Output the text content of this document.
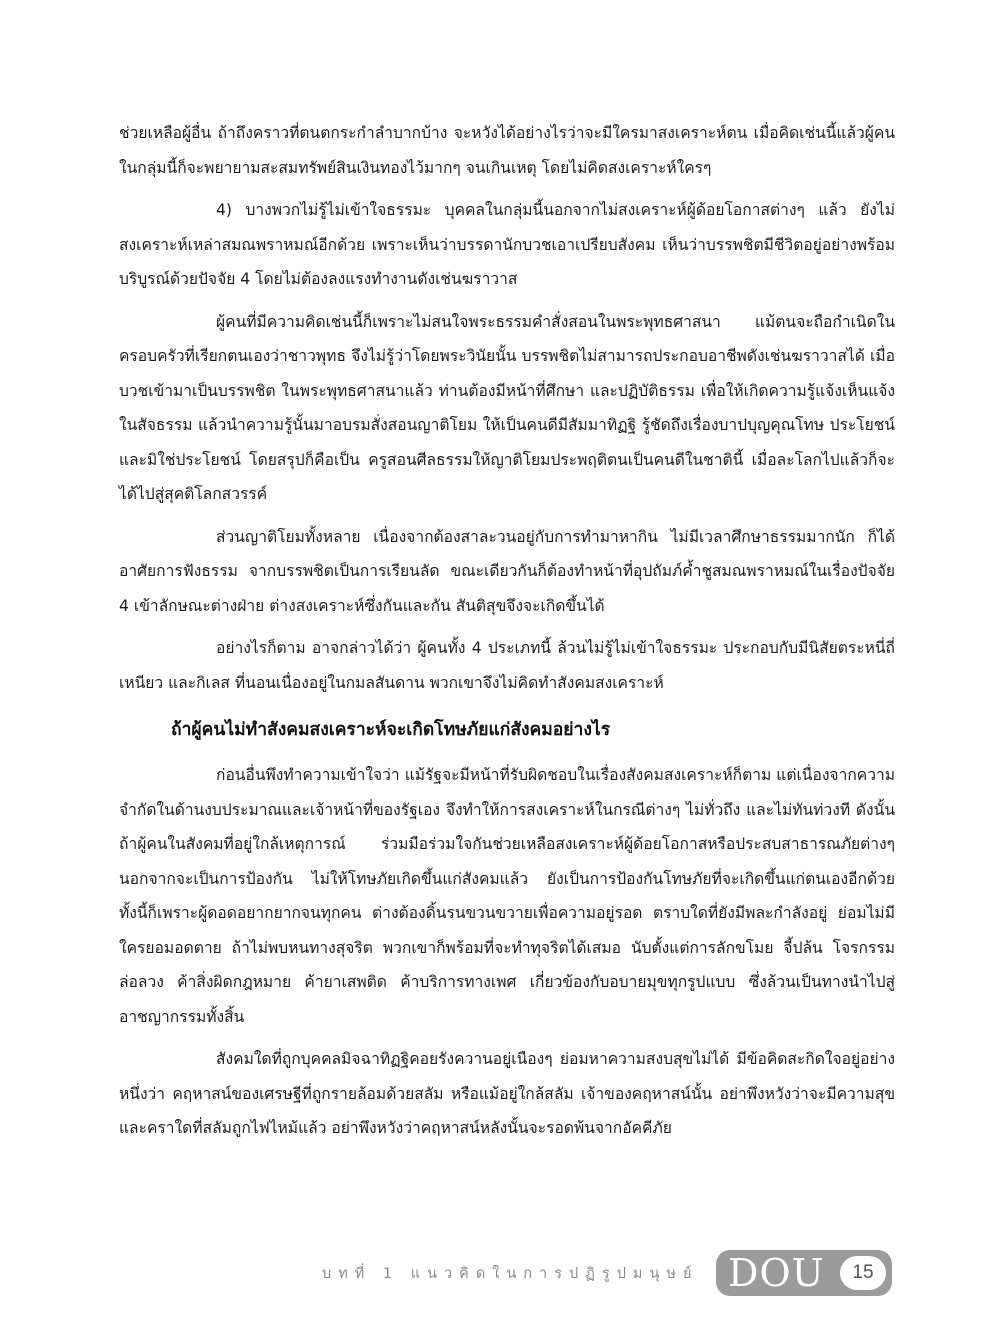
ช่วยเหลือผู้อื่น ถ้าถึงคราวที่ตนตกระกำลำบากบ้าง จะหวังได้อย่างไรว่าจะมีใครมาสงเคราะห์ตน เมื่อคิดเช่นนี้แล้วผู้คนในกลุ่มนี้ก็จะพยายามสะสมทรัพย์สินเงินทองไว้มากๆ จนเกินเหตุ โดยไม่คิดสงเคราะห์ใครๆ

4) บางพวกไม่รู้ไม่เข้าใจธรรมะ บุคคลในกลุ่มนี้นอกจากไม่สงเคราะห์ผู้ด้อยโอกาสต่างๆ แล้ว ยังไม่สงเคราะห์เหล่าสมณพราหมณ์อีกด้วย เพราะเห็นว่าบรรดานักบวชเอาเปรียบสังคม เห็นว่าบรรพชิตมีชีวิตอยู่อย่างพร้อมบริบูรณ์ด้วยปัจจัย 4 โดยไม่ต้องลงแรงทำงานดังเช่นฆราวาส

ผู้คนที่มีความคิดเช่นนี้ก็เพราะไม่สนใจพระธรรมคำสั่งสอนในพระพุทธศาสนา แม้ตนจะถือกำเนิดในครอบครัวที่เรียกตนเองว่าชาวพุทธ จึงไม่รู้ว่าโดยพระวินัยนั้น บรรพชิตไม่สามารถประกอบอาชีพดังเช่นฆราวาสได้ เมื่อบวชเข้ามาเป็นบรรพชิต ในพระพุทธศาสนาแล้ว ท่านต้องมีหน้าที่ศึกษา และปฏิบัติธรรม เพื่อให้เกิดความรู้แจ้งเห็นแจ้งในสัจธรรม แล้วนำความรู้นั้นมาอบรมสั่งสอนญาติโยม ให้เป็นคนดีมีสัมมาทิฏฐิ รู้ชัดถึงเรื่องบาปบุญคุณโทษ ประโยชน์และมิใช่ประโยชน์ โดยสรุปก็คือเป็น ครูสอนศีลธรรมให้ญาติโยมประพฤติตนเป็นคนดีในชาตินี้ เมื่อละโลกไปแล้วก็จะได้ไปสู่สุคติโลกสวรรค์

ส่วนญาติโยมทั้งหลาย เนื่องจากต้องสาละวนอยู่กับการทำมาหากิน ไม่มีเวลาศึกษาธรรมมากนัก ก็ได้อาศัยการฟังธรรม จากบรรพชิตเป็นการเรียนลัด ขณะเดียวกันก็ต้องทำหน้าที่อุปถัมภ์ค้ำชูสมณพราหมณ์ในเรื่องปัจจัย 4 เข้าลักษณะต่างฝ่าย ต่างสงเคราะห์ซึ่งกันและกัน สันติสุขจึงจะเกิดขึ้นได้

อย่างไรก็ตาม อาจกล่าวได้ว่า ผู้คนทั้ง 4 ประเภทนี้ ล้วนไม่รู้ไม่เข้าใจธรรมะ ประกอบกับมีนิสัยตระหนี่ถี่เหนียว และกิเลส ที่นอนเนื่องอยู่ในกมลสันดาน พวกเขาจึงไม่คิดทำสังคมสงเคราะห์

ถ้าผู้คนไม่ทำสังคมสงเคราะห์จะเกิดโทษภัยแก่สังคมอย่างไร

ก่อนอื่นพึงทำความเข้าใจว่า แม้รัฐจะมีหน้าที่รับผิดชอบในเรื่องสังคมสงเคราะห์ก็ตาม แต่เนื่องจากความจำกัดในด้านงบประมาณและเจ้าหน้าที่ของรัฐเอง จึงทำให้การสงเคราะห์ในกรณีต่างๆ ไม่ทั่วถึง และไม่ทันท่วงที ดังนั้นถ้าผู้คนในสังคมที่อยู่ใกล้เหตุการณ์ ร่วมมือร่วมใจกันช่วยเหลือสงเคราะห์ผู้ด้อยโอกาสหรือประสบสาธารณภัยต่างๆ นอกจากจะเป็นการป้องกัน ไม่ให้โทษภัยเกิดขึ้นแก่สังคมแล้ว ยังเป็นการป้องกันโทษภัยที่จะเกิดขึ้นแก่ตนเองอีกด้วย ทั้งนี้ก็เพราะผู้ดอดอยากยากจนทุกคน ต่างต้องดิ้นรนขวนขวายเพื่อความอยู่รอด ตราบใดที่ยังมีพละกำลังอยู่ ย่อมไม่มีใครยอมอดตาย ถ้าไม่พบหนทางสุจริต พวกเขาก็พร้อมที่จะทำทุจริตได้เสมอ นับตั้งแต่การลักขโมย จี้ปล้น โจรกรรม ล่อลวง ค้าสิ่งผิดกฎหมาย ค้ายาเสพติด ค้าบริการทางเพศ เกี่ยวข้องกับอบายมุขทุกรูปแบบ ซึ่งล้วนเป็นทางนำไปสู่อาชญากรรมทั้งสิ้น

สังคมใดที่ถูกบุคคลมิจฉาทิฏฐิคอยรังควานอยู่เนืองๆ ย่อมหาความสงบสุขไม่ได้ มีข้อคิดสะกิดใจอยู่อย่างหนึ่งว่า คฤหาสน์ของเศรษฐีที่ถูกรายล้อมด้วยสลัม หรือแม้อยู่ใกล้สลัม เจ้าของคฤหาสน์นั้น อย่าพึงหวังว่าจะมีความสุข และคราใดที่สลัมถูกไฟไหม้แล้ว อย่าพึงหวังว่าคฤหาสน์หลังนั้นจะรอดพ้นจากอัคคีภัย

บทที่ 1 แนวคิดในการปฏิรูปมนุษย์ DOU	15
